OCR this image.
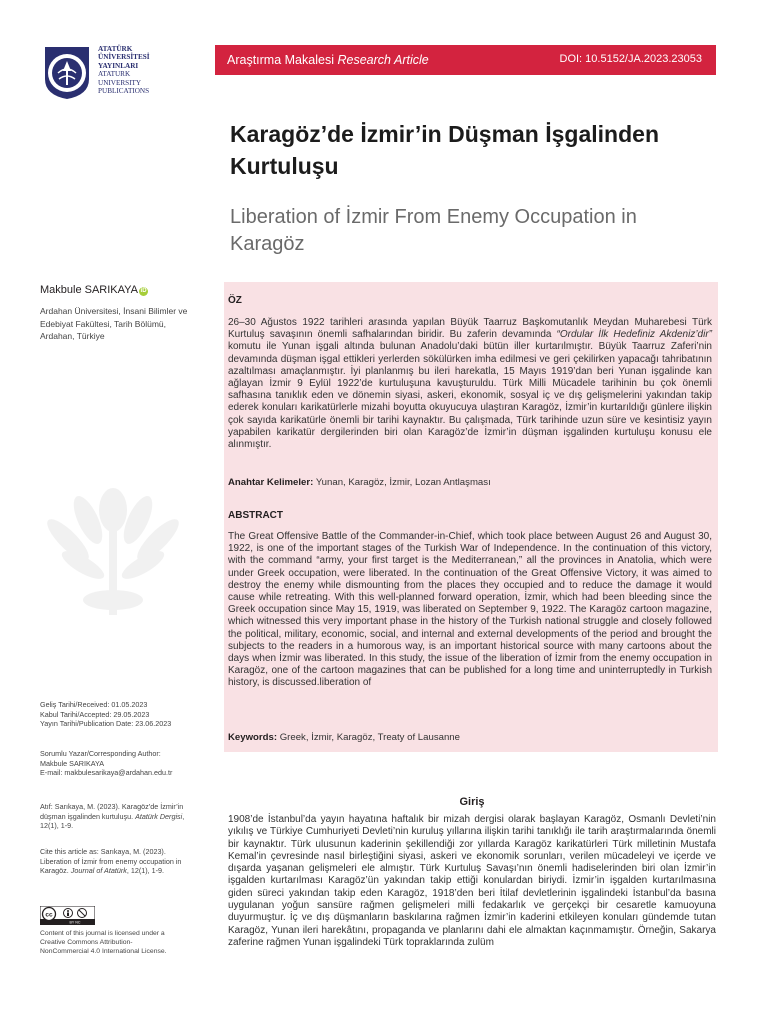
ATATÜRK
ÜNİVERSİTESİ
YAYINLARI
ATATURK
UNIVERSITY
PUBLICATIONS
Araştırma Makalesi Research Article	DOI: 10.5152/JA.2023.23053
Karagöz’de İzmir’in Düşman İşgalinden Kurtuluşu
Liberation of İzmir From Enemy Occupation in Karagöz
Makbule SARIKAYA iD
Ardahan Üniversitesi, İnsani Bilimler ve Edebiyat Fakültesi, Tarih Bölümü, Ardahan, Türkiye
Geliş Tarihi/Received: 01.05.2023
Kabul Tarihi/Accepted: 29.05.2023
Yayın Tarihi/Publication Date: 23.06.2023
Sorumlu Yazar/Corresponding Author:
Makbule SARIKAYA
E-mail: makbulesarikaya@ardahan.edu.tr
Atıf: Sarıkaya, M. (2023). Karagöz’de İzmir’in düşman işgalinden kurtuluşu. Atatürk Dergisi, 12(1), 1-9.
Cite this article as: Sarıkaya, M. (2023). Liberation of İzmir from enemy occupation in Karagöz. Journal of Atatürk, 12(1), 1-9.
cc
BY NC
Content of this journal is licensed under a Creative Commons Attribution-NonCommercial 4.0 International License.
ÖZ
26–30 Ağustos 1922 tarihleri arasında yapılan Büyük Taarruz Başkomutanlık Meydan Muharebesi Türk Kurtuluş savaşının önemli safhalarından biridir. Bu zaferin devamında “Ordular İlk Hedefiniz Akdeniz’dir” komutu ile Yunan işgali altında bulunan Anadolu’daki bütün iller kurtarılmıştır. Büyük Taarruz Zaferi’nin devamında düşman işgal ettikleri yerlerden sökülürken imha edilmesi ve geri çekilirken yapacağı tahribatının azaltılması amaçlanmıştır. İyi planlanmış bu ileri harekatla, 15 Mayıs 1919’dan beri Yunan işgalinde kan ağlayan İzmir 9 Eylül 1922’de kurtuluşuna kavuşturuldu. Türk Milli Mücadele tarihinin bu çok önemli safhasına tanıklık eden ve dönemin siyasi, askeri, ekonomik, sosyal iç ve dış gelişmelerini yakından takip ederek konuları karikatürlerle mizahi boyutta okuyucuya ulaştıran Karagöz, İzmir’in kurtarıldığı günlere ilişkin çok sayıda karikatürle önemli bir tarihi kaynaktır. Bu çalışmada, Türk tarihinde uzun süre ve kesintisiz yayın yapabilen karikatür dergilerinden biri olan Karagöz’de İzmir’in düşman işgalinden kurtuluşu konusu ele alınmıştır.
Anahtar Kelimeler: Yunan, Karagöz, İzmir, Lozan Antlaşması
ABSTRACT
The Great Offensive Battle of the Commander-in-Chief, which took place between August 26 and August 30, 1922, is one of the important stages of the Turkish War of Independence. In the continuation of this victory, with the command “army, your first target is the Mediterranean,” all the provinces in Anatolia, which were under Greek occupation, were liberated. In the continuation of the Great Offensive Victory, it was aimed to destroy the enemy while dismounting from the places they occupied and to reduce the damage it would cause while retreating. With this well-planned forward operation, İzmir, which had been bleeding since the Greek occupation since May 15, 1919, was liberated on September 9, 1922. The Karagöz cartoon magazine, which witnessed this very important phase in the history of the Turkish national struggle and closely followed the political, military, economic, social, and internal and external developments of the period and brought the subjects to the readers in a humorous way, is an important historical source with many cartoons about the days when İzmir was liberated. In this study, the issue of the liberation of İzmir from the enemy occupation in Karagöz, one of the cartoon magazines that can be published for a long time and uninterruptedly in Turkish history, is discussed.liberation of
Keywords: Greek, İzmir, Karagöz, Treaty of Lausanne
Giriş
1908’de İstanbul’da yayın hayatına haftalık bir mizah dergisi olarak başlayan Karagöz, Osmanlı Devleti’nin yıkılış ve Türkiye Cumhuriyeti Devleti’nin kuruluş yıllarına ilişkin tarihi tanıklığı ile tarih araştırmalarında önemli bir kaynaktır. Türk ulusunun kaderinin şekillendiği zor yıllarda Karagöz karikatürleri Türk milletinin Mustafa Kemal’in çevresinde nasıl birleştiğini siyasi, askeri ve ekonomik sorunları, verilen mücadeleyi ve içerde ve dışarda yaşanan gelişmeleri ele almıştır. Türk Kurtuluş Savaşı’nın önemli hadiselerinden biri olan İzmir’in işgalden kurtarılması Karagöz’ün yakından takip ettiği konulardan biriydi. İzmir’in işgalden kurtarılmasına giden süreci yakından takip eden Karagöz, 1918’den beri İtilaf devletlerinin işgalindeki İstanbul’da basına uygulanan yoğun sansüre rağmen gelişmeleri milli fedakarlık ve gerçekçi bir cesaretle kamuoyuna duyurmuştur. İç ve dış düşmanların baskılarına rağmen İzmir’in kaderini etkileyen konuları gündemde tutan Karagöz, Yunan ileri harekâtını, propaganda ve planlarını dahi ele almaktan kaçınmamıştır. Örneğin, Sakarya zaferine rağmen Yunan işgalindeki Türk topraklarında zulüm
